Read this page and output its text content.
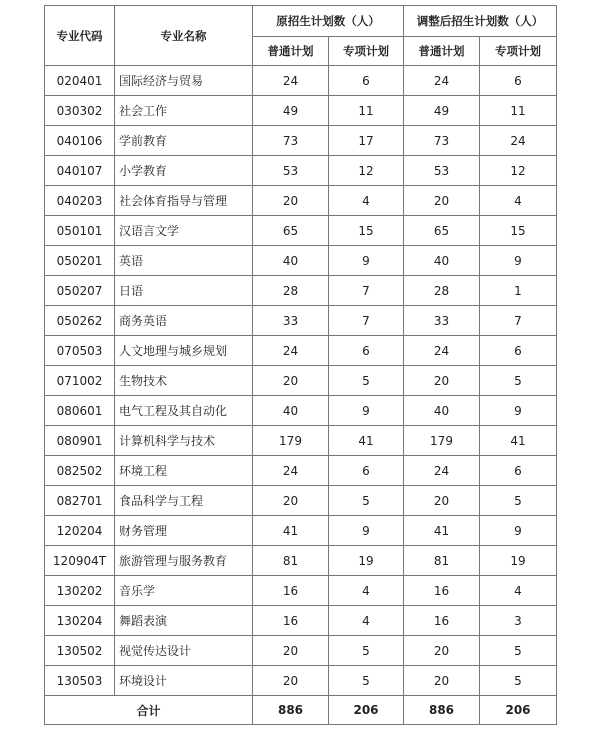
专业代码	专业名称	原招生计划数（人）		调整后招生计划数（人）	
		普通计划	专项计划	普通计划	专项计划
020401	国际经济与贸易	24	6	24	6
030302	社会工作	49	11	49	11
040106	学前教育	73	17	73	24
040107	小学教育	53	12	53	12
040203	社会体育指导与管理	20	4	20	4
050101	汉语言文学	65	15	65	15
050201	英语	40	9	40	9
050207	日语	28	7	28	1
050262	商务英语	33	7	33	7
070503	人文地理与城乡规划	24	6	24	6
071002	生物技术	20	5	20	5
080601	电气工程及其自动化	40	9	40	9
080901	计算机科学与技术	179	41	179	41
082502	环境工程	24	6	24	6
082701	食品科学与工程	20	5	20	5
120204	财务管理	41	9	41	9
120904T	旅游管理与服务教育	81	19	81	19
130202	音乐学	16	4	16	4
130204	舞蹈表演	16	4	16	3
130502	视觉传达设计	20	5	20	5
130503	环境设计	20	5	20	5
合计		886	206	886	206
